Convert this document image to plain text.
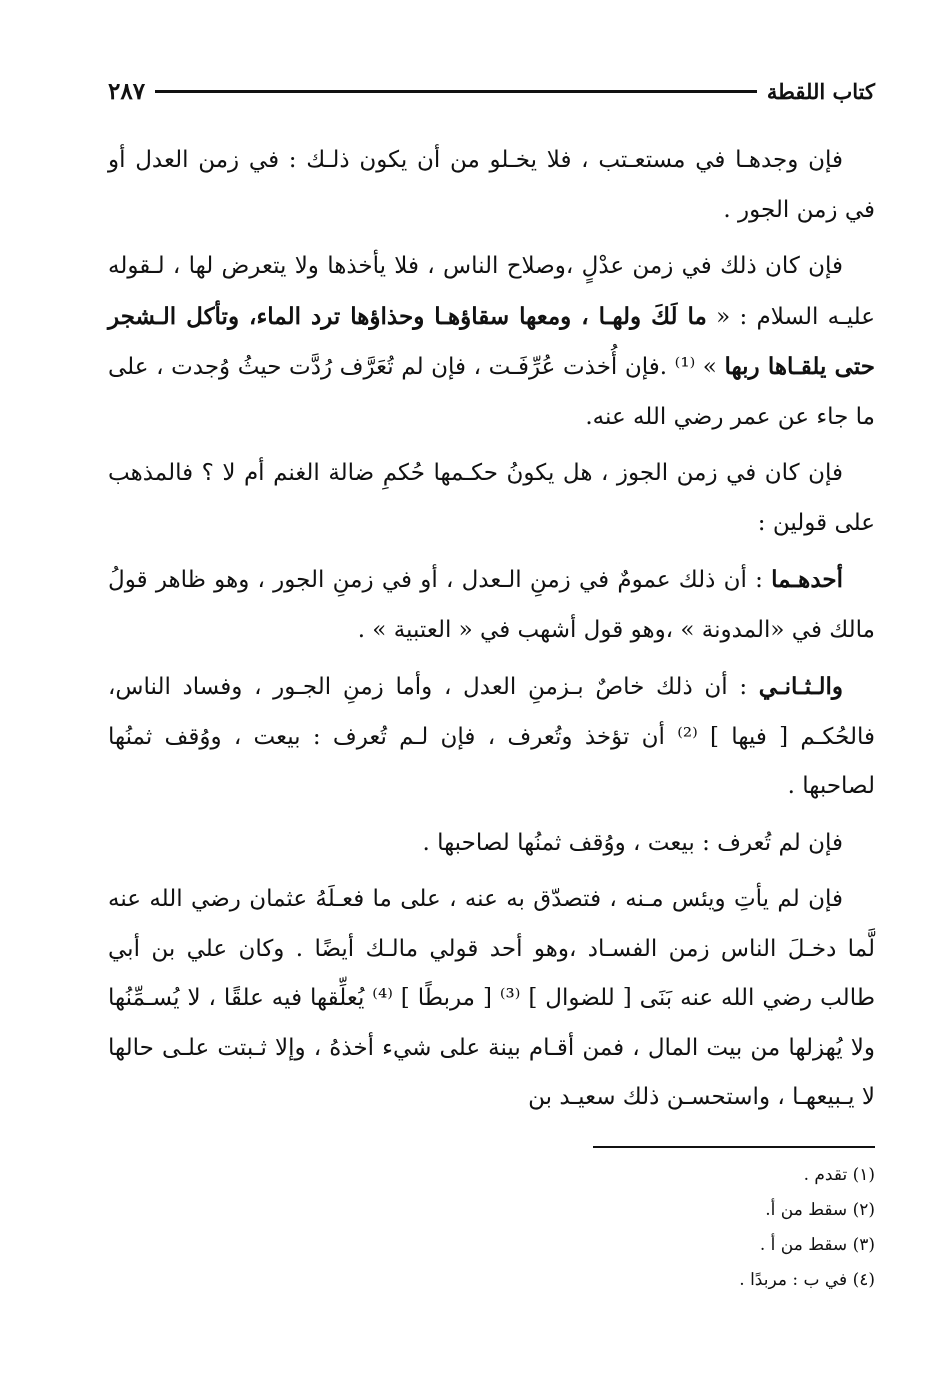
كتاب اللقطة
٢٨٧

فإن وجدهـا في مستعـتب ، فلا يخـلو من أن يكون ذلـك : في زمن العدل أو في زمن الجور .

فإن كان ذلك في زمن عدْلٍ ،وصلاح الناس ، فلا يأخذها ولا يتعرض لها ، لـقوله عليـه السلام : « ما لَكَ ولهـا ، ومعها سقاؤهـا وحذاؤها ترد الماء، وتأكل الـشجر حتى يلقـاها ربها » ⁽¹⁾ .فإن أُخذت عُرِّفَـت ، فإن لم تُعَرَّف رُدَّت حيثُ وُجدت ، على ما جاء عن عمر رضي الله عنه.

فإن كان في زمن الجوز ، هل يكونُ حكـمها حُكمِ ضالة الغنم أم لا ؟ فالمذهب على قولين :

أحدهـما : أن ذلك عمومٌ في زمنِ الـعدل ، أو في زمنِ الجور ، وهو ظاهر قولُ مالك في «المدونة » ،وهو قول أشهب في « العتبية » .

والـثـانـي : أن ذلك خاصٌ بـزمنِ العدل ، وأما زمنِ الجـور ، وفساد الناس، فالحُكـم [ فيها ] ⁽²⁾ أن تؤخذ وتُعرف ، فإن لـم تُعرف : بيعت ، ووُقف ثمنُها لصاحبها .

فإن لم تُعرف : بيعت ، ووُقف ثمنُها لصاحبها .

فإن لم يأتِ ويئس مـنه ، فتصدّق به عنه ، على ما فعـلَهُ عثمان رضي الله عنه لَّما دخـلَ الناس زمن الفسـاد ،وهو أحد قولي مالـك أيضًا . وكان علي بن أبي طالب رضي الله عنه بَنَى [ للضوال ] ⁽³⁾ [ مربطًا ] ⁽⁴⁾ يُعلِّقها فيه علقًا ، لا يُسـمِّنُها ولا يُهزلها من بيت المال ، فمن أقـام بينة على شيء أخذهُ ، وإلا ثـبتت علـى حالها لا يـبيعهـا ، واستحسـن ذلك سعيـد بن

(١) تقدم .

(٢) سقط من أ.

(٣) سقط من أ .

(٤) في ب : مربدًا .
